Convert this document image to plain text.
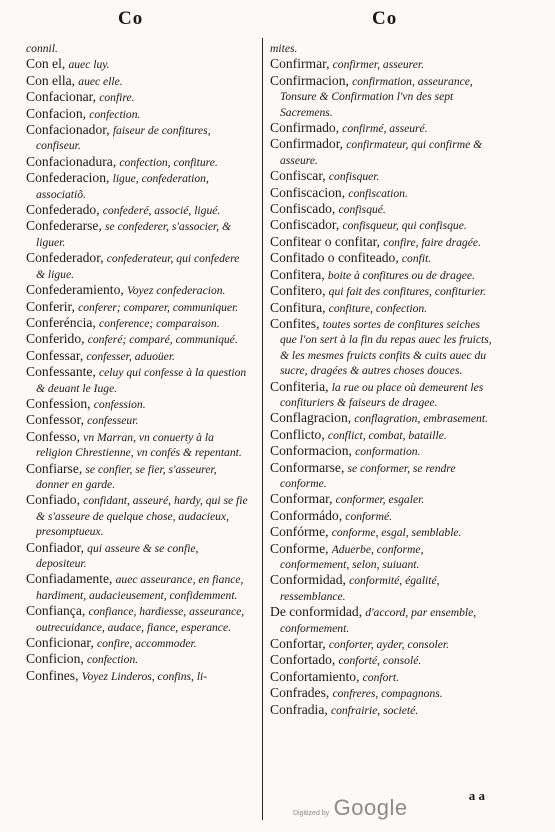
Co	Co

connil.

Con el, auec luy.

Con ella, auec elle.

Confacionar, confire.

Confacion, confection.

Confacionador, faiseur de confitures, confiseur.

Confacionadura, confection, confiture.

Confederacion, ligue, confederation, associatiõ.

Confederado, confederé, associé, ligué.

Confederarse, se confederer, s'associer, & liguer.

Confederador, confederateur, qui confedere & ligue.

Confederamiento, Voyez confederacion.

Conferir, conferer; comparer, communiquer.

Conferéncia, conference; comparaison.

Conferido, conferé; comparé, communiqué.

Confessar, confesser, aduoüer.

Confessante, celuy qui confesse à la question & deuant le Iuge.

Confession, confession.

Confessor, confesseur.

Confesso, vn Marran, vn conuerty à la religion Chrestienne, vn confés & repentant.

Confiarse, se confier, se fier, s'asseurer, donner en garde.

Confiado, confidant, asseuré, hardy, qui se fie & s'asseure de quelque chose, audacieux, presomptueux.

Confiador, qui asseure & se confie, depositeur.

Confiadamente, auec asseurance, en fiance, hardiment, audacieusement, confidemment.

Confiança, confiance, hardiesse, asseurance, outrecuidance, audace, fiance, esperance.

Conficionar, confire, accommoder.

Conficion, confection.

Confines, Voyez Linderos, confins, li-

mites.

Confirmar, confirmer, asseurer.

Confirmacion, confirmation, asseurance, Tonsure & Confirmation l'vn des sept Sacremens.

Confirmado, confirmé, asseuré.

Confirmador, confirmateur, qui confirme & asseure.

Confiscar, confisquer.

Confiscacion, confiscation.

Confiscado, confisqué.

Confiscador, confisqueur, qui confisque.

Confitear o confitar, confire, faire dragée.

Confitado o confiteado, confit.

Confitera, boite à confitures ou de dragee.

Confitero, qui fait des confitures, confiturier.

Confitura, confiture, confection.

Confites, toutes sortes de confitures seiches que l'on sert à la fin du repas auec les fruicts, & les mesmes fruicts confits & cuits auec du sucre, dragées & autres choses douces.

Confiteria, la rue ou place où demeurent les confituriers & faiseurs de dragee.

Conflagracion, conflagration, embrasement.

Conflicto, conflict, combat, bataille.

Conformacion, conformation.

Conformarse, se conformer, se rendre conforme.

Conformar, conformer, esgaler.

Conformádo, conformé.

Confórme, conforme, esgal, semblable.

Conforme, Aduerbe, conforme, conformement, selon, suiuant.

Conformidad, conformité, égalité, ressemblance.

De conformidad, d'accord, par ensemble, conformement.

Confortar, conforter, ayder, consoler.

Confortado, conforté, consolé.

Confortamiento, confort.

Confrades, confreres, compagnons.

Confradia, confrairie, societé.

a a
Digitized by Google
